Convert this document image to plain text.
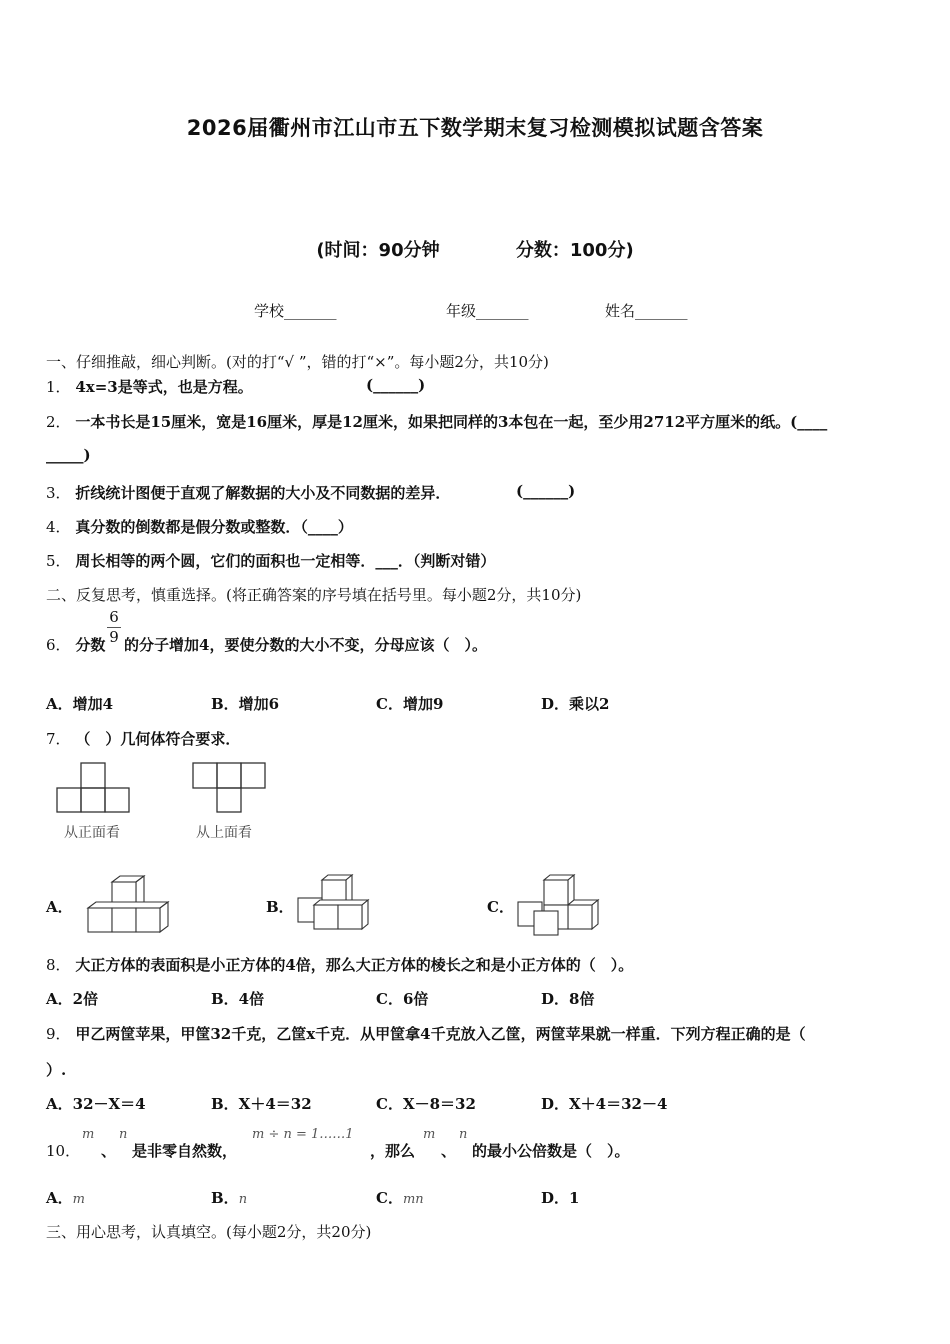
2026届衢州市江山市五下数学期末复习检测模拟试题含答案
(时间：90分钟	分数：100分)
学校_______	年级_______	姓名_______
一、仔细推敲，细心判断。(对的打“√ ”，错的打“×”。每小题2分，共10分)
1． 4x=3是等式，也是方程。	(______)
2． 一本书长是15厘米，宽是16厘米，厚是12厘米，如果把同样的3本包在一起，至少用2712平方厘米的纸。(____
_____)
3． 折线统计图便于直观了解数据的大小及不同数据的差异．	(______)
4． 真分数的倒数都是假分数或整数．（____）
5． 周长相等的两个圆，它们的面积也一定相等．___．（判断对错）
二、反复思考，慎重选择。(将正确答案的序号填在括号里。每小题2分，共10分)
6． 分数 $\frac{6}{9}$ 的分子增加4，要使分数的大小不变，分母应该（　）。
A．增加4	B．增加6	C．增加9	D．乘以2
7． （　）几何体符合要求．
从正面看	从上面看
A．	B．	C．
8． 大正方体的表面积是小正方体的4倍，那么大正方体的棱长之和是小正方体的（　）。
A．2倍	B．4倍	C．6倍	D．8倍
9． 甲乙两筐苹果，甲筐32千克，乙筐x千克．从甲筐拿4千克放入乙筐，两筐苹果就一样重．下列方程正确的是（
）.
A．32－X＝4	B．X＋4＝32	C．X－8＝32	D．X＋4＝32－4
10．
m
、
n
是非零自然数，
m ÷ n = 1……1
，那么
m
、
n
的最小公倍数是（　）。
A．m	B．n	C．mn	D．1
三、用心思考，认真填空。(每小题2分，共20分)
